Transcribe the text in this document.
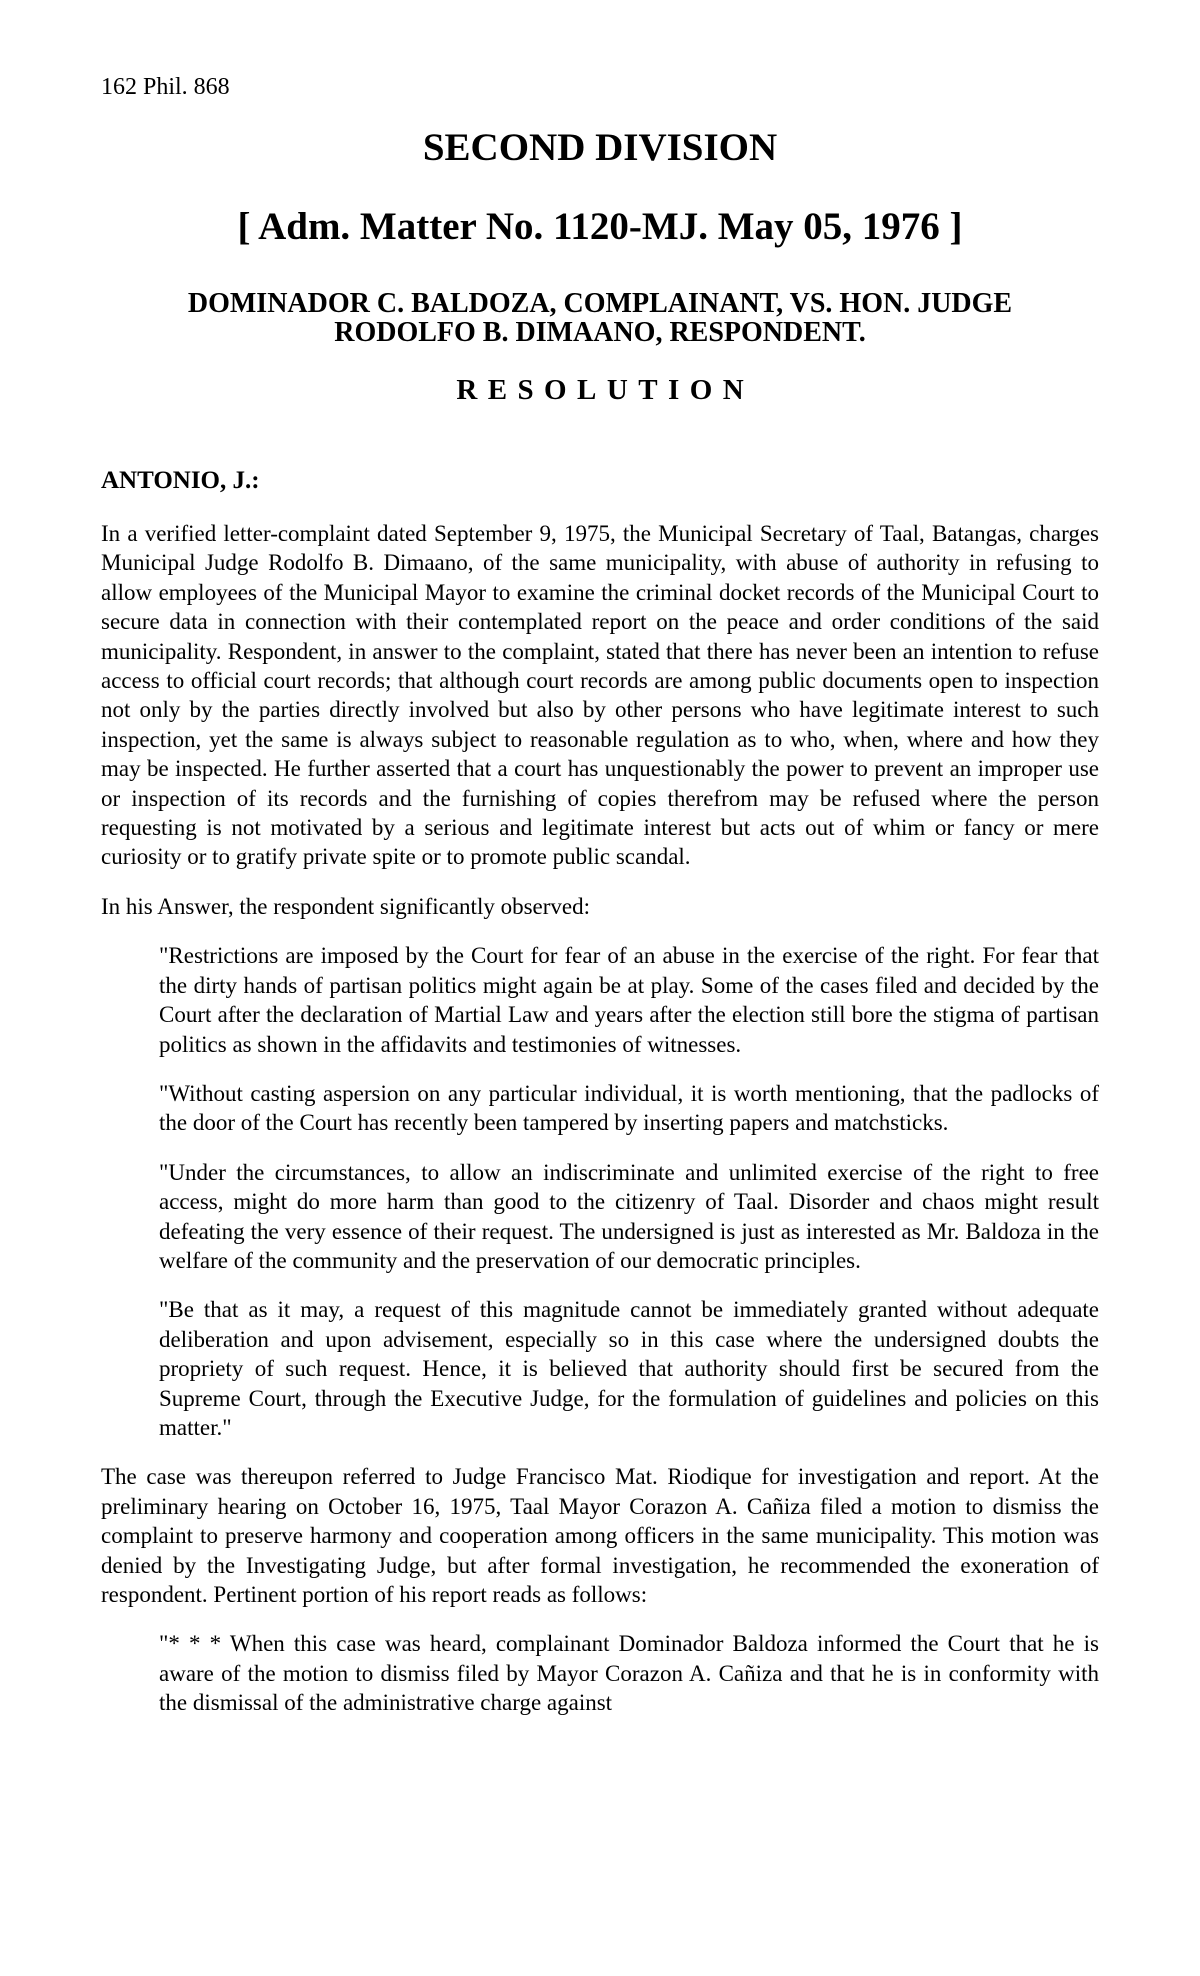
162 Phil. 868
SECOND DIVISION
[ Adm. Matter No. 1120-MJ. May 05, 1976 ]
DOMINADOR C. BALDOZA, COMPLAINANT, VS. HON. JUDGE RODOLFO B. DIMAANO, RESPONDENT.
RESOLUTION
ANTONIO, J.:

In a verified letter-complaint dated September 9, 1975, the Municipal Secretary of Taal, Batangas, charges Municipal Judge Rodolfo B. Dimaano, of the same municipality, with abuse of authority in refusing to allow employees of the Municipal Mayor to examine the criminal docket records of the Municipal Court to secure data in connection with their contemplated report on the peace and order conditions of the said municipality. Respondent, in answer to the complaint, stated that there has never been an intention to refuse access to official court records; that although court records are among public documents open to inspection not only by the parties directly involved but also by other persons who have legitimate interest to such inspection, yet the same is always subject to reasonable regulation as to who, when, where and how they may be inspected. He further asserted that a court has unquestionably the power to prevent an improper use or inspection of its records and the furnishing of copies therefrom may be refused where the person requesting is not motivated by a serious and legitimate interest but acts out of whim or fancy or mere curiosity or to gratify private spite or to promote public scandal.

In his Answer, the respondent significantly observed:

"Restrictions are imposed by the Court for fear of an abuse in the exercise of the right. For fear that the dirty hands of partisan politics might again be at play. Some of the cases filed and decided by the Court after the declaration of Martial Law and years after the election still bore the stigma of partisan politics as shown in the affidavits and testimonies of witnesses.

"Without casting aspersion on any particular individual, it is worth mentioning, that the padlocks of the door of the Court has recently been tampered by inserting papers and matchsticks.

"Under the circumstances, to allow an indiscriminate and unlimited exercise of the right to free access, might do more harm than good to the citizenry of Taal. Disorder and chaos might result defeating the very essence of their request. The undersigned is just as interested as Mr. Baldoza in the welfare of the community and the preservation of our democratic principles.

"Be that as it may, a request of this magnitude cannot be immediately granted without adequate deliberation and upon advisement, especially so in this case where the undersigned doubts the propriety of such request. Hence, it is believed that authority should first be secured from the Supreme Court, through the Executive Judge, for the formulation of guidelines and policies on this matter."

The case was thereupon referred to Judge Francisco Mat. Riodique for investigation and report. At the preliminary hearing on October 16, 1975, Taal Mayor Corazon A. Cañiza filed a motion to dismiss the complaint to preserve harmony and cooperation among officers in the same municipality. This motion was denied by the Investigating Judge, but after formal investigation, he recommended the exoneration of respondent. Pertinent portion of his report reads as follows:

"* * * When this case was heard, complainant Dominador Baldoza informed the Court that he is aware of the motion to dismiss filed by Mayor Corazon A. Cañiza and that he is in conformity with the dismissal of the administrative charge against
